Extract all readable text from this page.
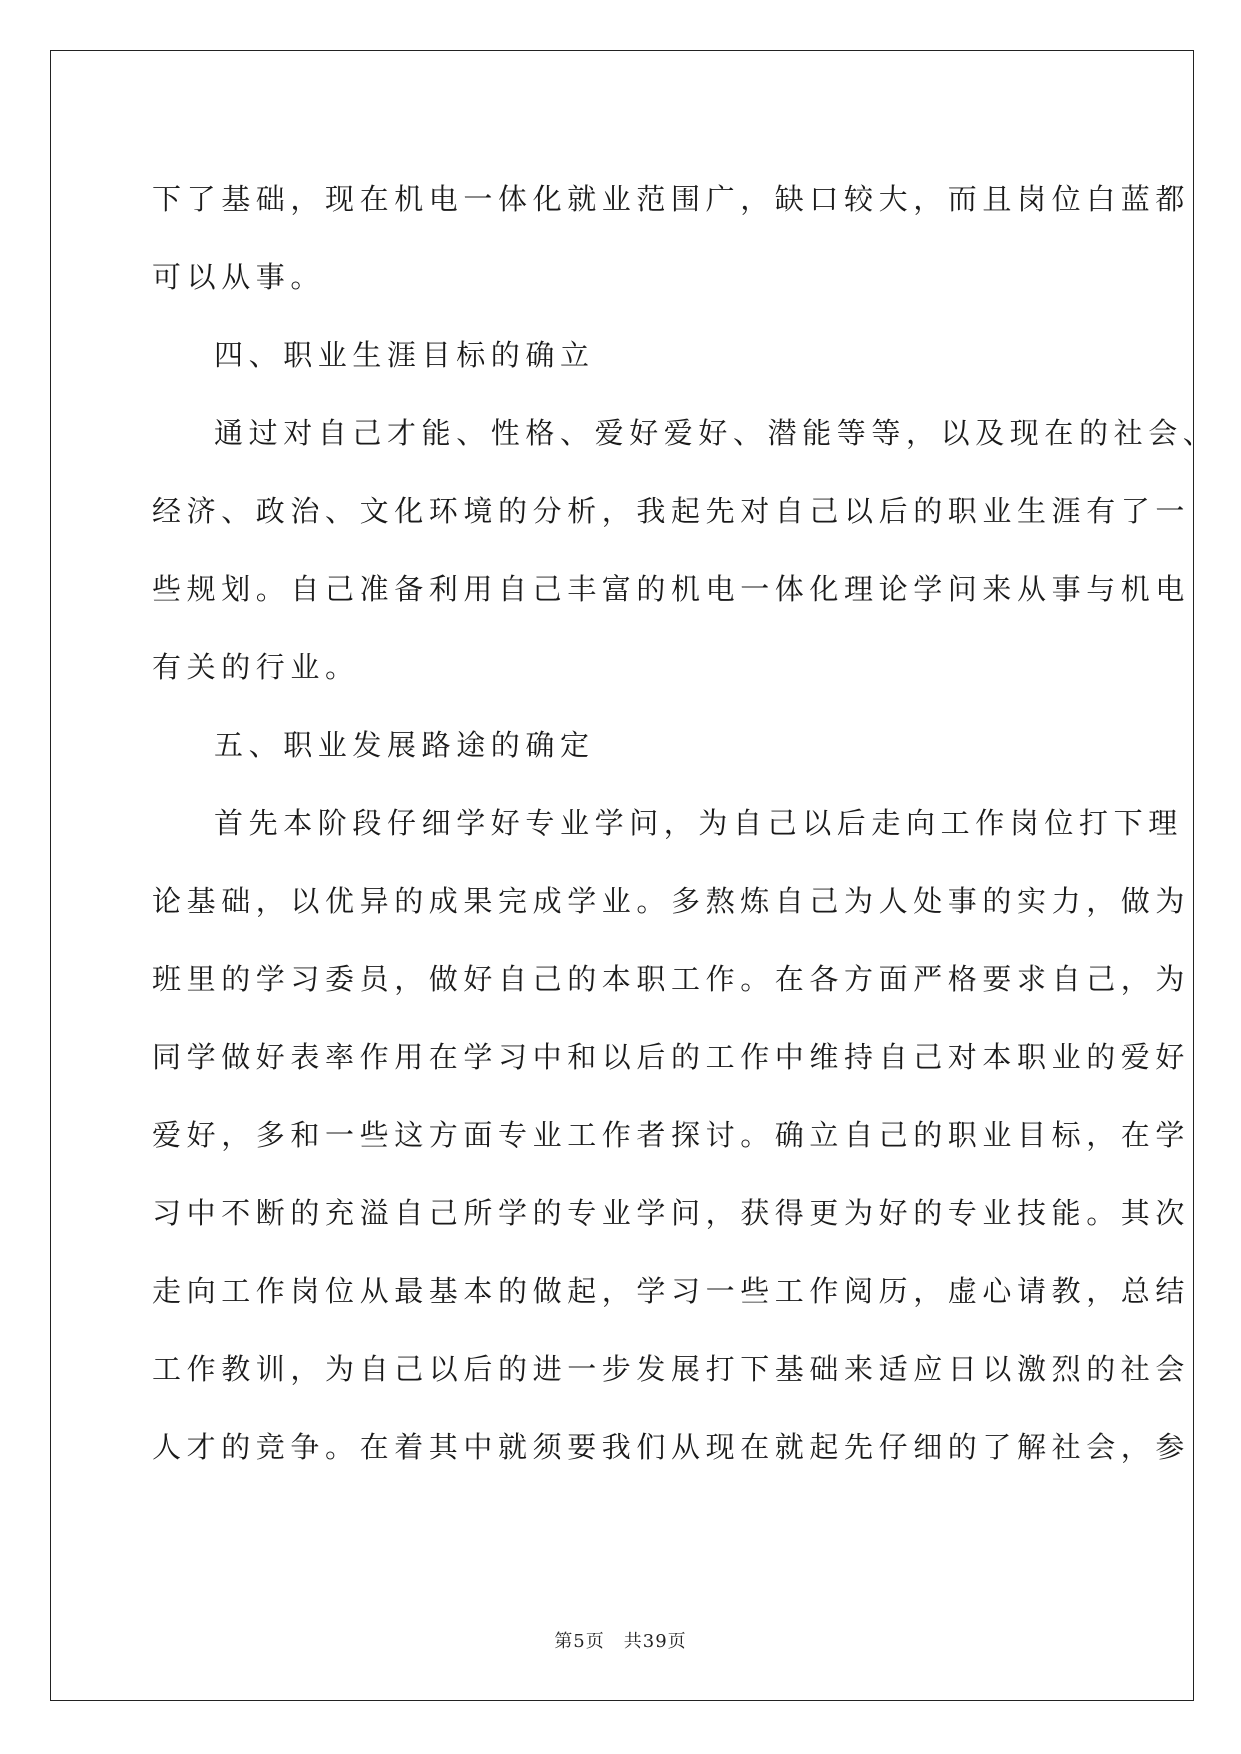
下了基础，现在机电一体化就业范围广，缺口较大，而且岗位白蓝都
可以从事。
四、职业生涯目标的确立
通过对自己才能、性格、爱好爱好、潜能等等，以及现在的社会、
经济、政治、文化环境的分析，我起先对自己以后的职业生涯有了一
些规划。自己准备利用自己丰富的机电一体化理论学问来从事与机电
有关的行业。
五、职业发展路途的确定
首先本阶段仔细学好专业学问，为自己以后走向工作岗位打下理
论基础，以优异的成果完成学业。多熬炼自己为人处事的实力，做为
班里的学习委员，做好自己的本职工作。在各方面严格要求自己，为
同学做好表率作用在学习中和以后的工作中维持自己对本职业的爱好
爱好，多和一些这方面专业工作者探讨。确立自己的职业目标，在学
习中不断的充溢自己所学的专业学问，获得更为好的专业技能。其次
走向工作岗位从最基本的做起，学习一些工作阅历，虚心请教，总结
工作教训，为自己以后的进一步发展打下基础来适应日以激烈的社会
人才的竞争。在着其中就须要我们从现在就起先仔细的了解社会，参
第5页　共39页
